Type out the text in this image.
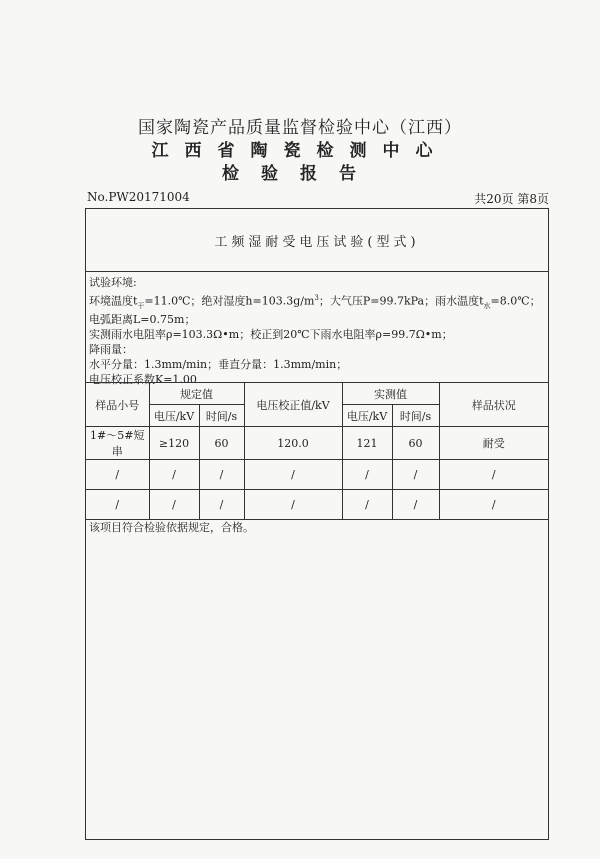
国家陶瓷产品质量监督检验中心（江西）
江西省陶瓷检测中心
检验报告
No.PW20171004	共20页 第8页
工频湿耐受电压试验(型式)
试验环境:
环境温度$t_干=11.0℃$；绝对湿度$h=103.3g/m^3$；大气压P=99.7kPa；雨水温度$t_水=8.0℃$；
电弧距离L=0.75m；
实测雨水电阻率ρ=103.3Ω•m；校正到20℃下雨水电阻率ρ=99.7Ω•m；
降雨量：
水平分量：1.3mm/min；垂直分量：1.3mm/min；
电压校正系数K=1.00
样品小号	规定值		电压校正值/kV	实测值		样品状况
	电压/kV	时间/s		电压/kV	时间/s	
1#～5#短串	≥120	60	120.0	121	60	耐受
/	/	/	/	/	/	/
/	/	/	/	/	/	/
该项目符合检验依据规定，合格。
